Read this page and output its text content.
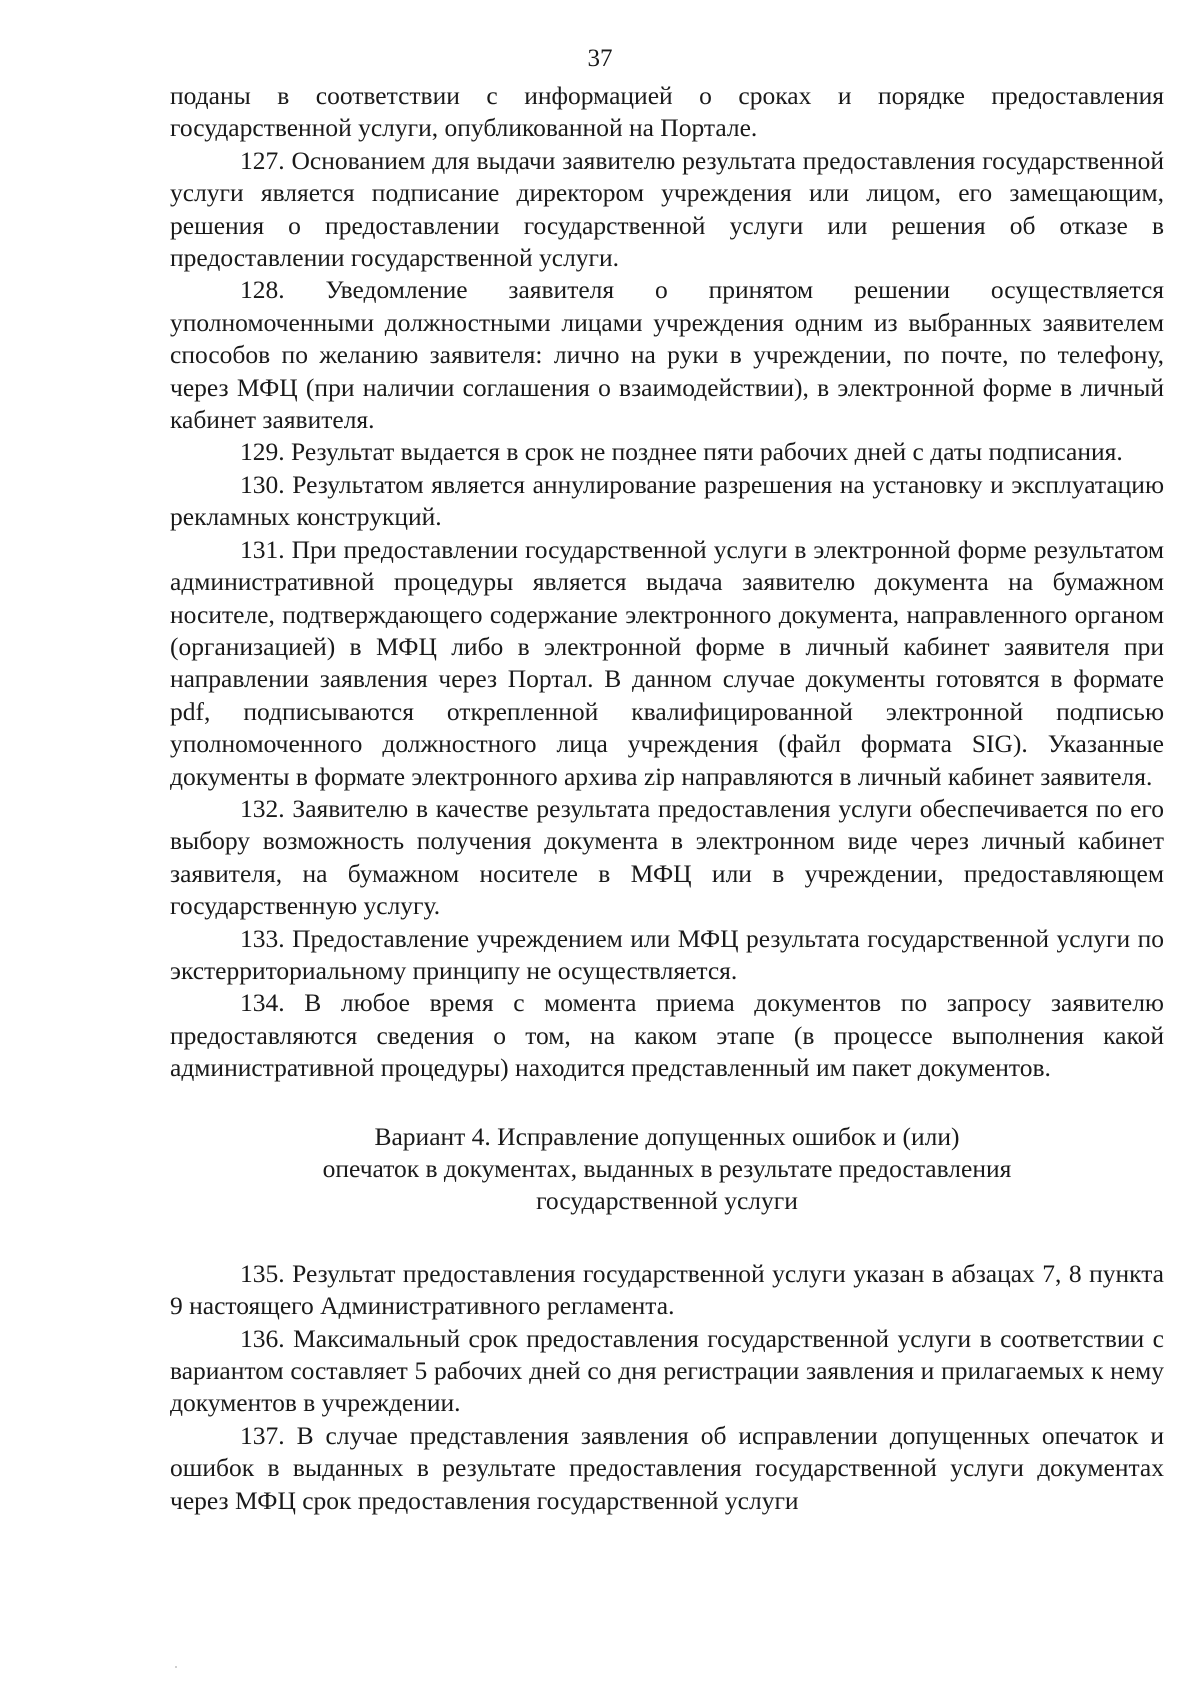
37

поданы в соответствии с информацией о сроках и порядке предоставления государственной услуги, опубликованной на Портале.

127. Основанием для выдачи заявителю результата предоставления государственной услуги является подписание директором учреждения или лицом, его замещающим, решения о предоставлении государственной услуги или решения об отказе в предоставлении государственной услуги.

128. Уведомление заявителя о принятом решении осуществляется уполномоченными должностными лицами учреждения одним из выбранных заявителем способов по желанию заявителя: лично на руки в учреждении, по почте, по телефону, через МФЦ (при наличии соглашения о взаимодействии), в электронной форме в личный кабинет заявителя.

129. Результат выдается в срок не позднее пяти рабочих дней с даты подписания.

130. Результатом является аннулирование разрешения на установку и эксплуатацию рекламных конструкций.

131. При предоставлении государственной услуги в электронной форме результатом административной процедуры является выдача заявителю документа на бумажном носителе, подтверждающего содержание электронного документа, направленного органом (организацией) в МФЦ либо в электронной форме в личный кабинет заявителя при направлении заявления через Портал. В данном случае документы готовятся в формате pdf, подписываются открепленной квалифицированной электронной подписью уполномоченного должностного лица учреждения (файл формата SIG). Указанные документы в формате электронного архива zip направляются в личный кабинет заявителя.

132. Заявителю в качестве результата предоставления услуги обеспечивается по его выбору возможность получения документа в электронном виде через личный кабинет заявителя, на бумажном носителе в МФЦ или в учреждении, предоставляющем государственную услугу.

133. Предоставление учреждением или МФЦ результата государственной услуги по экстерриториальному принципу не осуществляется.

134. В любое время с момента приема документов по запросу заявителю предоставляются сведения о том, на каком этапе (в процессе выполнения какой административной процедуры) находится представленный им пакет документов.

Вариант 4. Исправление допущенных ошибок и (или)
опечаток в документах, выданных в результате предоставления
государственной услуги

135. Результат предоставления государственной услуги указан в абзацах 7, 8 пункта 9 настоящего Административного регламента.

136. Максимальный срок предоставления государственной услуги в соответствии с вариантом составляет 5 рабочих дней со дня регистрации заявления и прилагаемых к нему документов в учреждении.

137. В случае представления заявления об исправлении допущенных опечаток и ошибок в выданных в результате предоставления государственной услуги документах через МФЦ срок предоставления государственной услуги
